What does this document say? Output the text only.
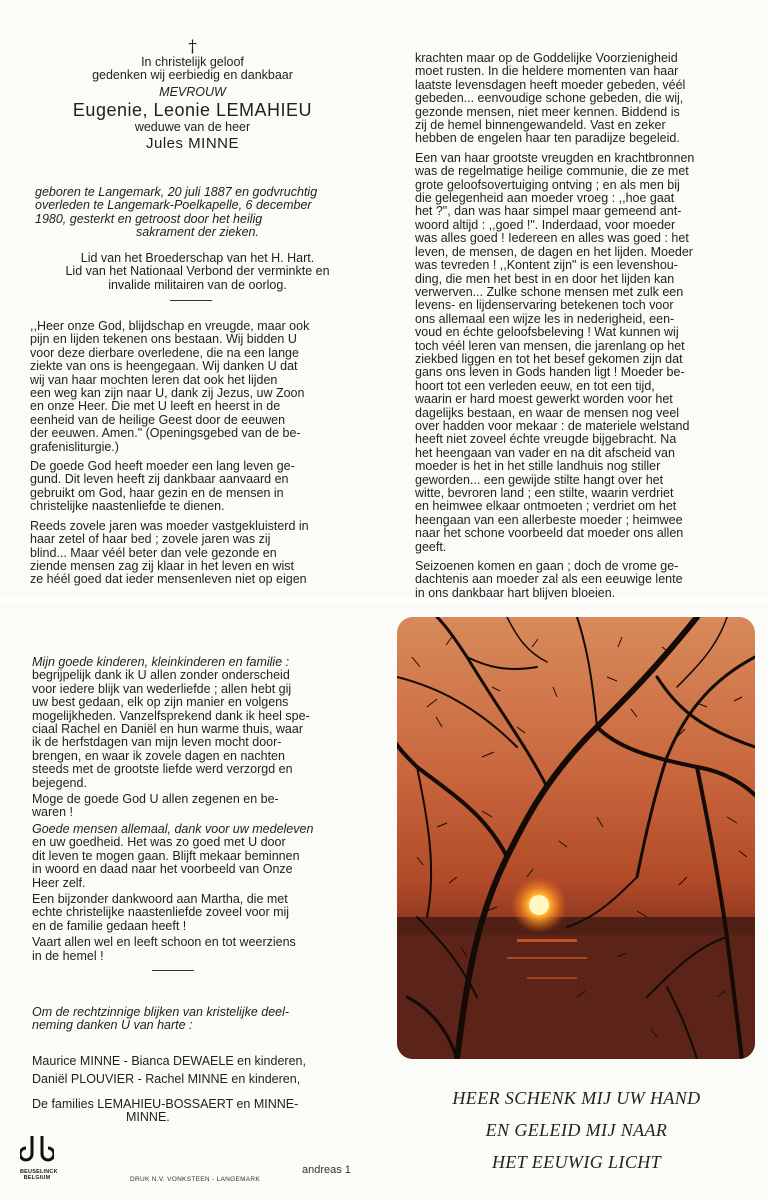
†
In christelijk geloof
gedenken wij eerbiedig en dankbaar
MEVROUW
Eugenie, Leonie LEMAHIEU
weduwe van de heer
Jules MINNE
geboren te Langemark, 20 juli 1887 en godvruchtig
overleden te Langemark-Poelkapelle, 6 december
1980, gesterkt en getroost door het heilig
sakrament der zieken.
Lid van het Broederschap van het H. Hart.
Lid van het Nationaal Verbond der verminkte en
invalide militairen van de oorlog.
,,Heer onze God, blijdschap en vreugde, maar ook
pijn en lijden tekenen ons bestaan. Wij bidden U
voor deze dierbare overledene, die na een lange
ziekte van ons is heengegaan. Wij danken U dat
wij van haar mochten leren dat ook het lijden
een weg kan zijn naar U, dank zij Jezus, uw Zoon
en onze Heer. Die met U leeft en heerst in de
eenheid van de heilige Geest door de eeuwen
der eeuwen. Amen." (Openingsgebed van de be-
grafenisliturgie.)
De goede God heeft moeder een lang leven ge-
gund. Dit leven heeft zij dankbaar aanvaard en
gebruikt om God, haar gezin en de mensen in
christelijke naastenliefde te dienen.
Reeds zovele jaren was moeder vastgekluisterd in
haar zetel of haar bed ; zovele jaren was zij
blind... Maar véél beter dan vele gezonde en
ziende mensen zag zij klaar in het leven en wist
ze héél goed dat ieder mensenleven niet op eigen
krachten maar op de Goddelijke Voorzienigheid
moet rusten. In die heldere momenten van haar
laatste levensdagen heeft moeder gebeden, véél
gebeden... eenvoudige schone gebeden, die wij,
gezonde mensen, niet meer kennen. Biddend is
zij de hemel binnengewandeld. Vast en zeker
hebben de engelen haar ten paradijze begeleid.
Een van haar grootste vreugden en krachtbronnen
was de regelmatige heilige communie, die ze met
grote geloofsovertuiging ontving ; en als men bij
die gelegenheid aan moeder vroeg : ,,hoe gaat
het ?", dan was haar simpel maar gemeend ant-
woord altijd : ,,goed !". Inderdaad, voor moeder
was alles goed ! Iedereen en alles was goed : het
leven, de mensen, de dagen en het lijden. Moeder
was tevreden ! ,,Kontent zijn" is een levenshou-
ding, die men het best in en door het lijden kan
verwerven... Zulke schone mensen met zulk een
levens- en lijdenservaring betekenen toch voor
ons allemaal een wijze les in nederigheid, een-
voud en échte geloofsbeleving ! Wat kunnen wij
toch véél leren van mensen, die jarenlang op het
ziekbed liggen en tot het besef gekomen zijn dat
gans ons leven in Gods handen ligt ! Moeder be-
hoort tot een verleden eeuw, en tot een tijd,
waarin er hard moest gewerkt worden voor het
dagelijks bestaan, en waar de mensen nog veel
over hadden voor mekaar : de materiele welstand
heeft niet zoveel échte vreugde bijgebracht. Na
het heengaan van vader en na dit afscheid van
moeder is het in het stille landhuis nog stiller
geworden... een gewijde stilte hangt over het
witte, bevroren land ; een stilte, waarin verdriet
en heimwee elkaar ontmoeten ; verdriet om het
heengaan van een allerbeste moeder ; heimwee
naar het schone voorbeeld dat moeder ons allen
geeft.
Seizoenen komen en gaan ; doch de vrome ge-
dachtenis aan moeder zal als een eeuwige lente
in ons dankbaar hart blijven bloeien.
Mijn goede kinderen, kleinkinderen en familie :
begrijpelijk dank ik U allen zonder onderscheid
voor iedere blijk van wederliefde ; allen hebt gij
uw best gedaan, elk op zijn manier en volgens
mogelijkheden. Vanzelfsprekend dank ik heel spe-
ciaal Rachel en Daniël en hun warme thuis, waar
ik de herfstdagen van mijn leven mocht door-
brengen, en waar ik zovele dagen en nachten
steeds met de grootste liefde werd verzorgd en
bejegend.
Moge de goede God U allen zegenen en be-
waren !
Goede mensen allemaal, dank voor uw medeleven
en uw goedheid. Het was zo goed met U door
dit leven te mogen gaan. Blijft mekaar beminnen
in woord en daad naar het voorbeeld van Onze
Heer zelf.
Een bijzonder dankwoord aan Martha, die met
echte christelijke naastenliefde zoveel voor mij
en de familie gedaan heeft !
Vaart allen wel en leeft schoon en tot weerziens
in de hemel !
Om de rechtzinnige blijken van kristelijke deel-
neming danken U van harte :
Maurice MINNE - Bianca DEWAELE en kinderen,
Daniël PLOUVIER - Rachel MINNE en kinderen,
De families LEMAHIEU-BOSSAERT en MINNE-
MINNE.
BEUSELINCK
BELGIUM	DRUK N.V. VONKSTEEN - LANGEMARK
andreas 1
HEER SCHENK MIJ UW HAND
EN GELEID MIJ NAAR
HET EEUWIG LICHT
